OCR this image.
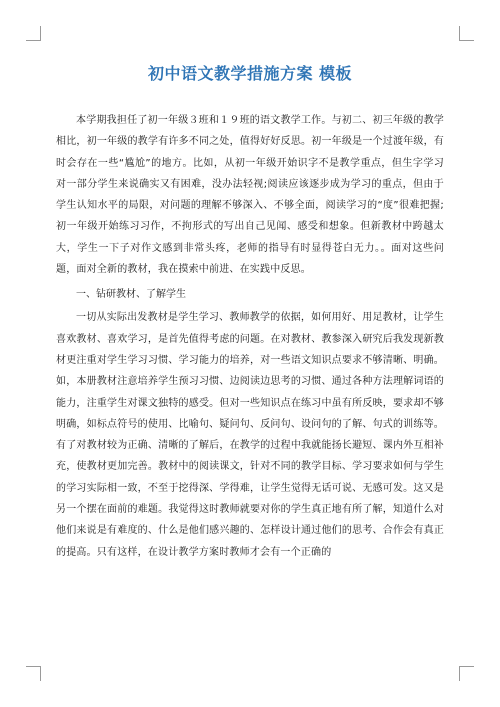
初中语文教学措施方案 模板

本学期我担任了初一年级３班和１９班的语文教学工作。与初二、初三年级的教学相比，初一年级的教学有许多不同之处，值得好好反思。初一年级是一个过渡年级，有时会存在一些“尴尬”的地方。比如，从初一年级开始识字不是教学重点，但生字学习对一部分学生来说确实又有困难，没办法轻视;阅读应该逐步成为学习的重点，但由于学生认知水平的局限，对问题的理解不够深入、不够全面，阅读学习的“度”很难把握;初一年级开始练习习作，不拘形式的写出自己见闻、感受和想象。但新教材中跨越太大，学生一下子对作文感到非常头疼，老师的指导有时显得苍白无力。。面对这些问题，面对全新的教材，我在摸索中前进、在实践中反思。

一、钻研教材、了解学生

一切从实际出发教材是学生学习、教师教学的依据，如何用好、用足教材，让学生喜欢教材、喜欢学习，是首先值得考虑的问题。在对教材、教参深入研究后我发现新教材更注重对学生学习习惯、学习能力的培养，对一些语文知识点要求不够清晰、明确。如，本册教材注意培养学生预习习惯、边阅读边思考的习惯、通过各种方法理解词语的能力，注重学生对课文独特的感受。但对一些知识点在练习中虽有所反映，要求却不够明确，如标点符号的使用、比喻句、疑问句、反问句、设问句的了解、句式的训练等。有了对教材较为正确、清晰的了解后，在教学的过程中我就能扬长避短、课内外互相补充，使教材更加完善。教材中的阅读课文，针对不同的教学目标、学习要求如何与学生的学习实际相一致，不至于挖得深、学得难，让学生觉得无话可说、无感可发。这又是另一个摆在面前的难题。我觉得这时教师就要对你的学生真正地有所了解，知道什么对他们来说是有难度的、什么是他们感兴趣的、怎样设计通过他们的思考、合作会有真正的提高。只有这样，在设计教学方案时教师才会有一个正确的
